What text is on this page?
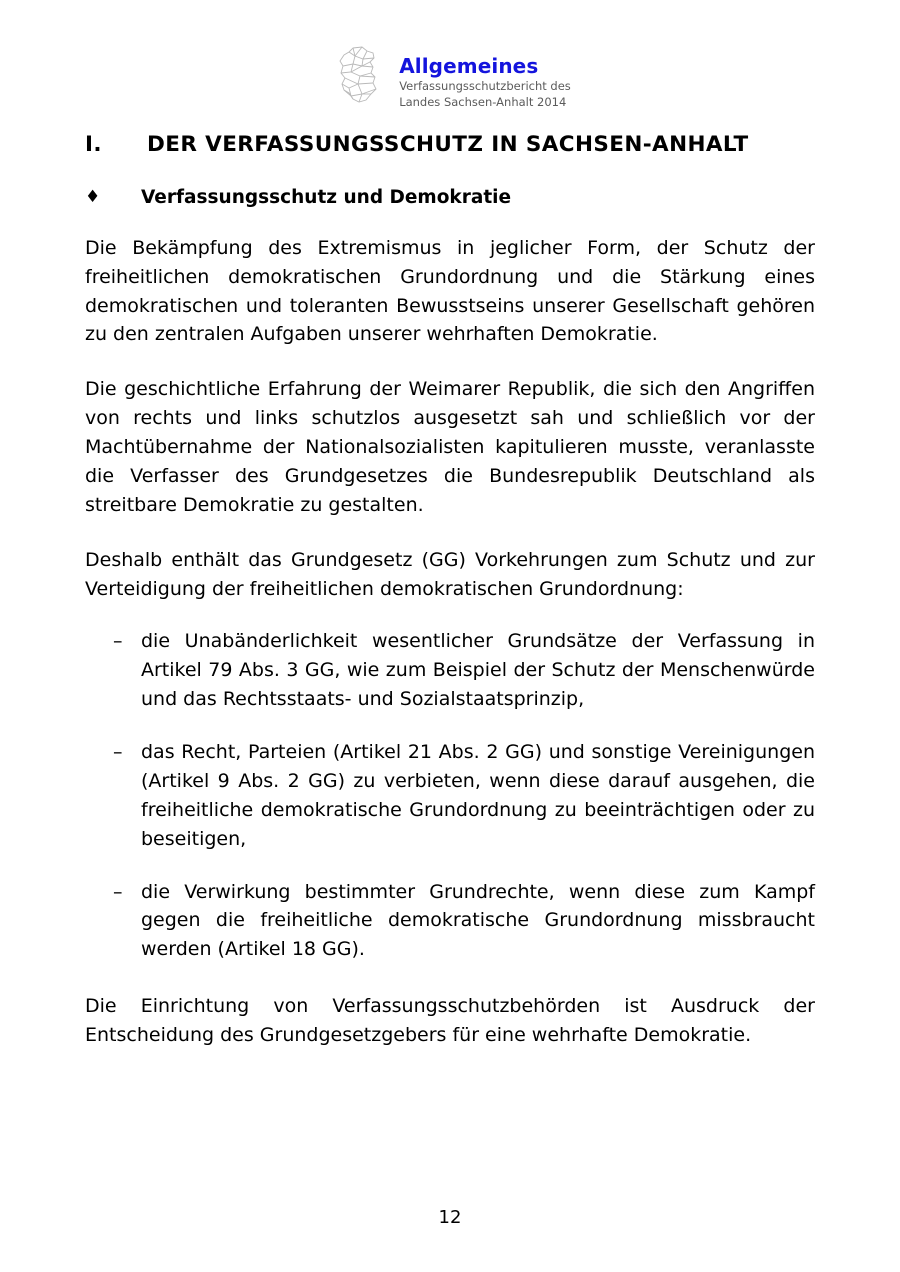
Allgemeines
Verfassungsschutzbericht des
Landes Sachsen-Anhalt 2014
I.	DER VERFASSUNGSSCHUTZ IN SACHSEN-ANHALT
♦	Verfassungsschutz und Demokratie

Die Bekämpfung des Extremismus in jeglicher Form, der Schutz der freiheitlichen demokratischen Grundordnung und die Stärkung eines demokratischen und toleranten Bewusstseins unserer Gesellschaft gehören zu den zentralen Aufgaben unserer wehrhaften Demokratie.

Die geschichtliche Erfahrung der Weimarer Republik, die sich den Angriffen von rechts und links schutzlos ausgesetzt sah und schließlich vor der Machtübernahme der Nationalsozialisten kapitulieren musste, veranlasste die Verfasser des Grundgesetzes die Bundesrepublik Deutschland als streitbare Demokratie zu gestalten.

Deshalb enthält das Grundgesetz (GG) Vorkehrungen zum Schutz und zur Verteidigung der freiheitlichen demokratischen Grundordnung:

– die Unabänderlichkeit wesentlicher Grundsätze der Verfassung in Artikel 79 Abs. 3 GG, wie zum Beispiel der Schutz der Menschenwürde und das Rechtsstaats- und Sozialstaatsprinzip,
– das Recht, Parteien (Artikel 21 Abs. 2 GG) und sonstige Vereinigungen (Artikel 9 Abs. 2 GG) zu verbieten, wenn diese darauf ausgehen, die freiheitliche demokratische Grundordnung zu beeinträchtigen oder zu beseitigen,
– die Verwirkung bestimmter Grundrechte, wenn diese zum Kampf gegen die freiheitliche demokratische Grundordnung missbraucht werden (Artikel 18 GG).

Die Einrichtung von Verfassungsschutzbehörden ist Ausdruck der Entscheidung des Grundgesetzgebers für eine wehrhafte Demokratie.

12
